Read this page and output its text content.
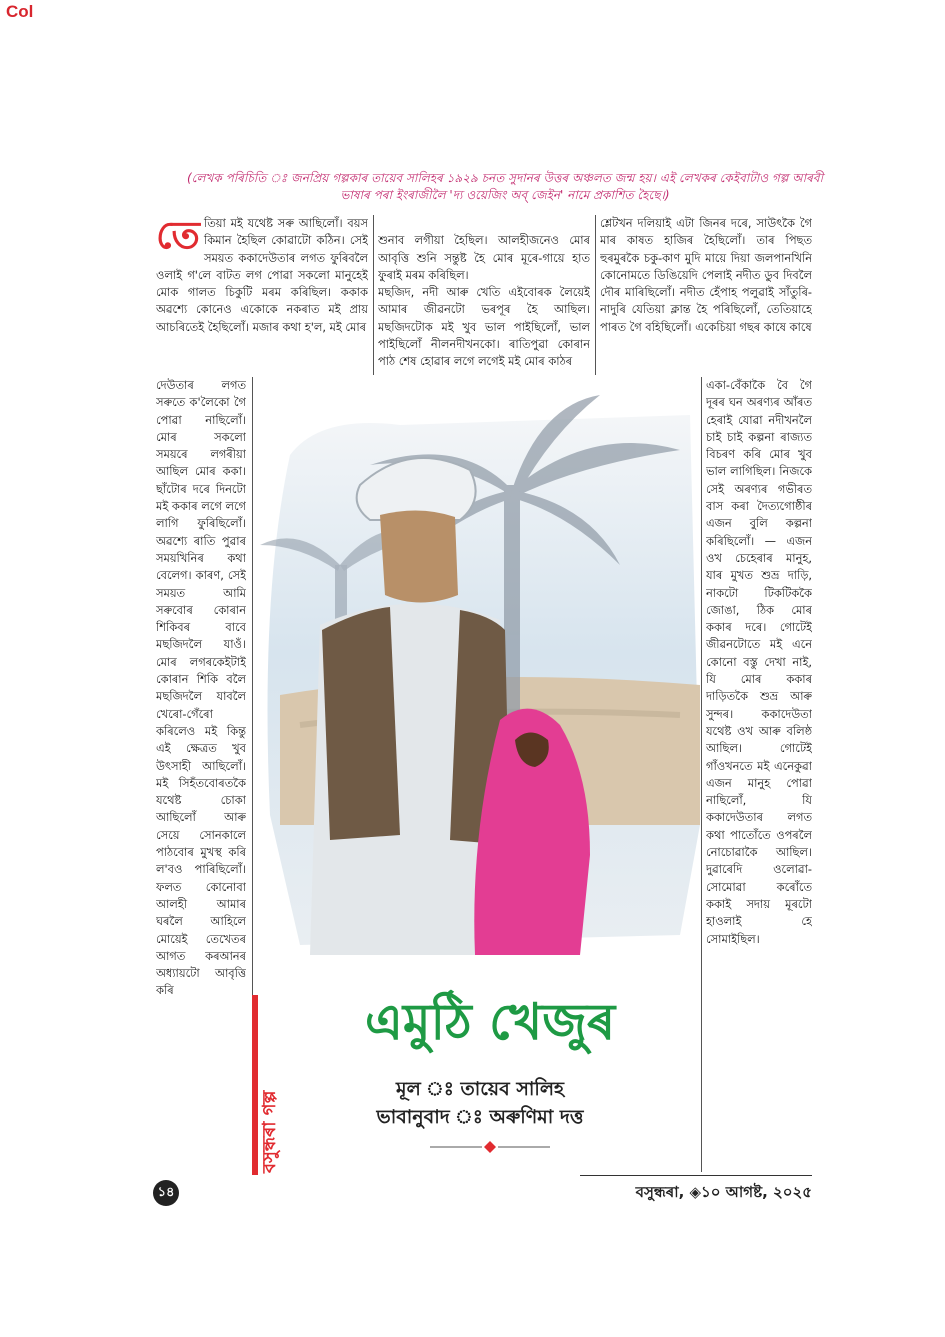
Col
(লেখক পৰিচিতি ঃ জনপ্ৰিয় গল্পকাৰ তায়েব সালিহৰ ১৯২৯ চনত সুদানৰ উত্তৰ অঞ্চলত জন্ম হয়। এই লেখকৰ কেইবাটাও গল্প আৰবী ভাষাৰ পৰা ইংৰাজীলৈ 'দ্য ওয়েজিং অব্ জেইন' নামে প্ৰকাশিত হৈছে।)
তেতিয়া মই যথেষ্ট সৰু আছিলোঁ। বয়স কিমান হৈছিল কোৱাটো কঠিন। সেই সময়ত ককাদেউতাৰ লগত ফুৰিবলৈ ওলাই গ'লে বাটত লগ পোৱা সকলো মানুহেই মোক গালত চিকুটি মৰম কৰিছিল। ককাক অৱশ্যে কোনেও একোকে নকৰাত মই প্ৰায় আচৰিতেই হৈছিলোঁ। মজাৰ কথা হ'ল, মই মোৰ

শুনাব লগীয়া হৈছিল। আলহীজনেও মোৰ আবৃত্তি শুনি সন্তুষ্ট হৈ মোৰ মূৰে-গায়ে হাত ফুৰাই মৰম কৰিছিল।
মছজিদ, নদী আৰু খেতি এইবোৰক লৈয়েই আমাৰ জীৱনটো ভৰপূৰ হৈ আছিল। মছজিদটোক মই খুব ভাল পাইছিলোঁ, ভাল পাইছিলোঁ নীলনদীখনকো। ৰাতিপুৱা কোৰান পাঠ শেষ হোৱাৰ লগে লগেই মই মোৰ কাঠৰ

শ্লেটখন দলিয়াই এটা জিনৰ দৰে, সাউৎকৈ গৈ মাৰ কাষত হাজিৰ হৈছিলোঁ। তাৰ পিছত হুৰমুৰকৈ চকু-কাণ মুদি মায়ে দিয়া জলপানখিনি কোনোমতে ডিঙিয়েদি পেলাই নদীত ডুব দিবলৈ দৌৰ মাৰিছিলোঁ। নদীত হেঁপাহ পলুৱাই সাঁতুৰি-নাদুৰি যেতিয়া ক্লান্ত হৈ পৰিছিলোঁ, তেতিয়াহে পাৰত গৈ বহিছিলোঁ। একেচিয়া গছৰ কাষে কাষে
দেউতাৰ লগত সৰুতে ক'লৈকো গৈ পোৱা নাছিলোঁ। মোৰ সকলো সময়ৰে লগৰীয়া আছিল মোৰ ককা। ছাঁটোৰ দৰে দিনটো মই ককাৰ লগে লগে লাগি ফুৰিছিলোঁ। অৱশ্যে ৰাতি পুৱাৰ সময়খিনিৰ কথা বেলেগ। কাৰণ, সেই সময়ত আমি সৰুবোৰ কোৰান শিকিবৰ বাবে মছজিদলৈ যাওঁ। মোৰ লগৰকেইটাই কোৰান শিকি বলৈ মছজিদলৈ যাবলৈ খেৰো-গেঁৰো কৰিলেও মই কিন্তু এই ক্ষেত্ৰত খুব উৎসাহী আছিলোঁ। মই সিহঁতবোৰতকৈ যথেষ্ট চোকা আছিলোঁ আৰু সেয়ে সোনকালে পাঠবোৰ মুখস্থ কৰি ল'বও পাৰিছিলোঁ। ফলত কোনোবা আলহী আমাৰ ঘৰলৈ আহিলে মোয়েই তেখেতৰ আগত কৰআনৰ অধ্যায়টো আবৃত্তি কৰি
একা-বেঁকাকৈ বৈ গৈ দূৰৰ ঘন অৰণ্যৰ আঁৰত হেৰাই যোৱা নদীখনলৈ চাই চাই কল্পনা ৰাজ্যত বিচৰণ কৰি মোৰ খুব ভাল লাগিছিল। নিজকে সেই অৰণ্যৰ গভীৰত বাস কৰা দৈত্যগোষ্ঠীৰ এজন বুলি কল্পনা কৰিছিলোঁ। — এজন ওখ চেহেৰাৰ মানুহ, যাৰ মুখত শুভ্ৰ দাড়ি, নাকটো টিকটিককৈ জোঙা, ঠিক মোৰ ককাৰ দৰে। গোটেই জীৱনটোতে মই এনে কোনো বস্তু দেখা নাই, যি মোৰ ককাৰ দাড়িতকৈ শুভ্ৰ আৰু সুন্দৰ। ককাদেউতা যথেষ্ট ওখ আৰু বলিষ্ঠ আছিল। গোটেই গাঁওখনতে মই এনেকুৱা এজন মানুহ পোৱা নাছিলোঁ, যি ককাদেউতাৰ লগত কথা পাতোঁতে ওপৰলৈ নোচোৱাকৈ আছিল। দুৱাৰেদি ওলোৱা-সোমোৱা কৰোঁতে ককাই সদায় মূৰটো হাওলাই হে সোমাইছিল।
বসুন্ধৰা গল্প
এমুঠি খেজুৰ
মূল ঃ তায়েব সালিহ
ভাবানুবাদ ঃ অৰুণিমা দত্ত
১৪	বসুন্ধৰা, ◈১০ আগষ্ট, ২০২৫
